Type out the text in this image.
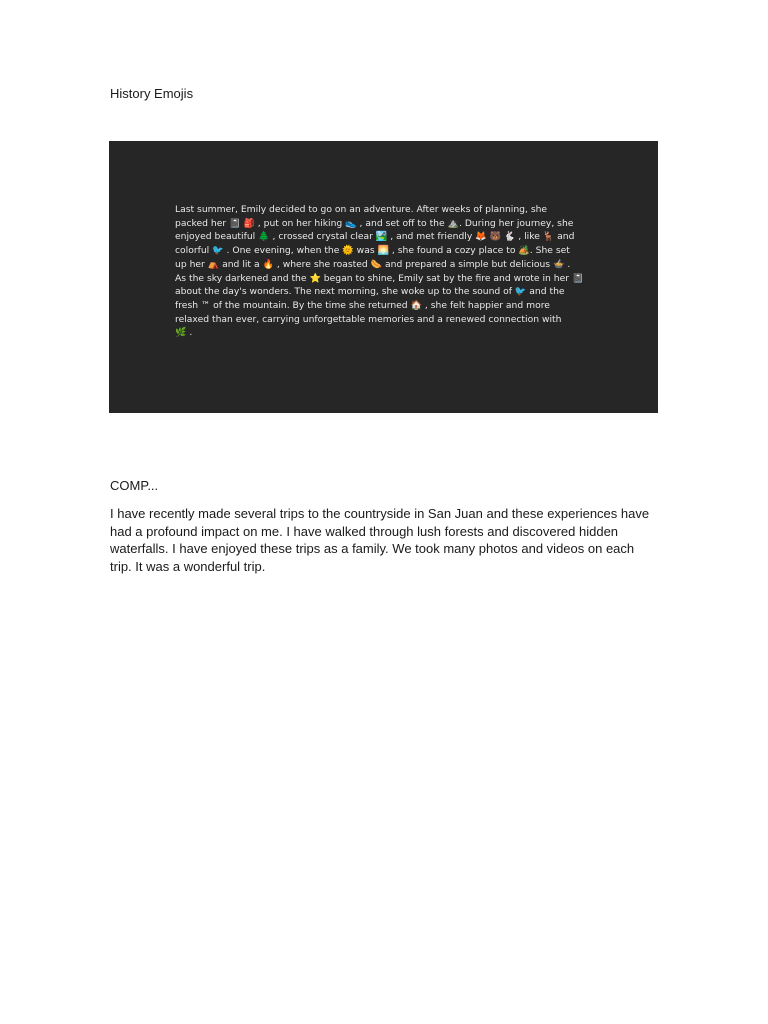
History Emojis
Last summer, Emily decided to go on an adventure. After weeks of planning, she
packed her 📓 🎒 , put on her hiking 👟 , and set off to the ⛰️. During her journey, she
enjoyed beautiful 🌲 , crossed crystal clear 🏞️ , and met friendly 🦊 🐻 🐇 , like 🦌 and
colorful 🐦 . One evening, when the 🌞 was 🌅 , she found a cozy place to 🏕️. She set
up her ⛺ and lit a 🔥 , where she roasted 🌭 and prepared a simple but delicious 🍲 .
As the sky darkened and the ⭐ began to shine, Emily sat by the fire and wrote in her 📓
about the day's wonders. The next morning, she woke up to the sound of 🐦 and the
fresh ™ of the mountain. By the time she returned 🏠 , she felt happier and more
relaxed than ever, carrying unforgettable memories and a renewed connection with
🌿 .
COMP...
I have recently made several trips to the countryside in San Juan and these experiences have had a profound impact on me. I have walked through lush forests and discovered hidden waterfalls. I have enjoyed these trips as a family. We took many photos and videos on each trip. It was a wonderful trip.
